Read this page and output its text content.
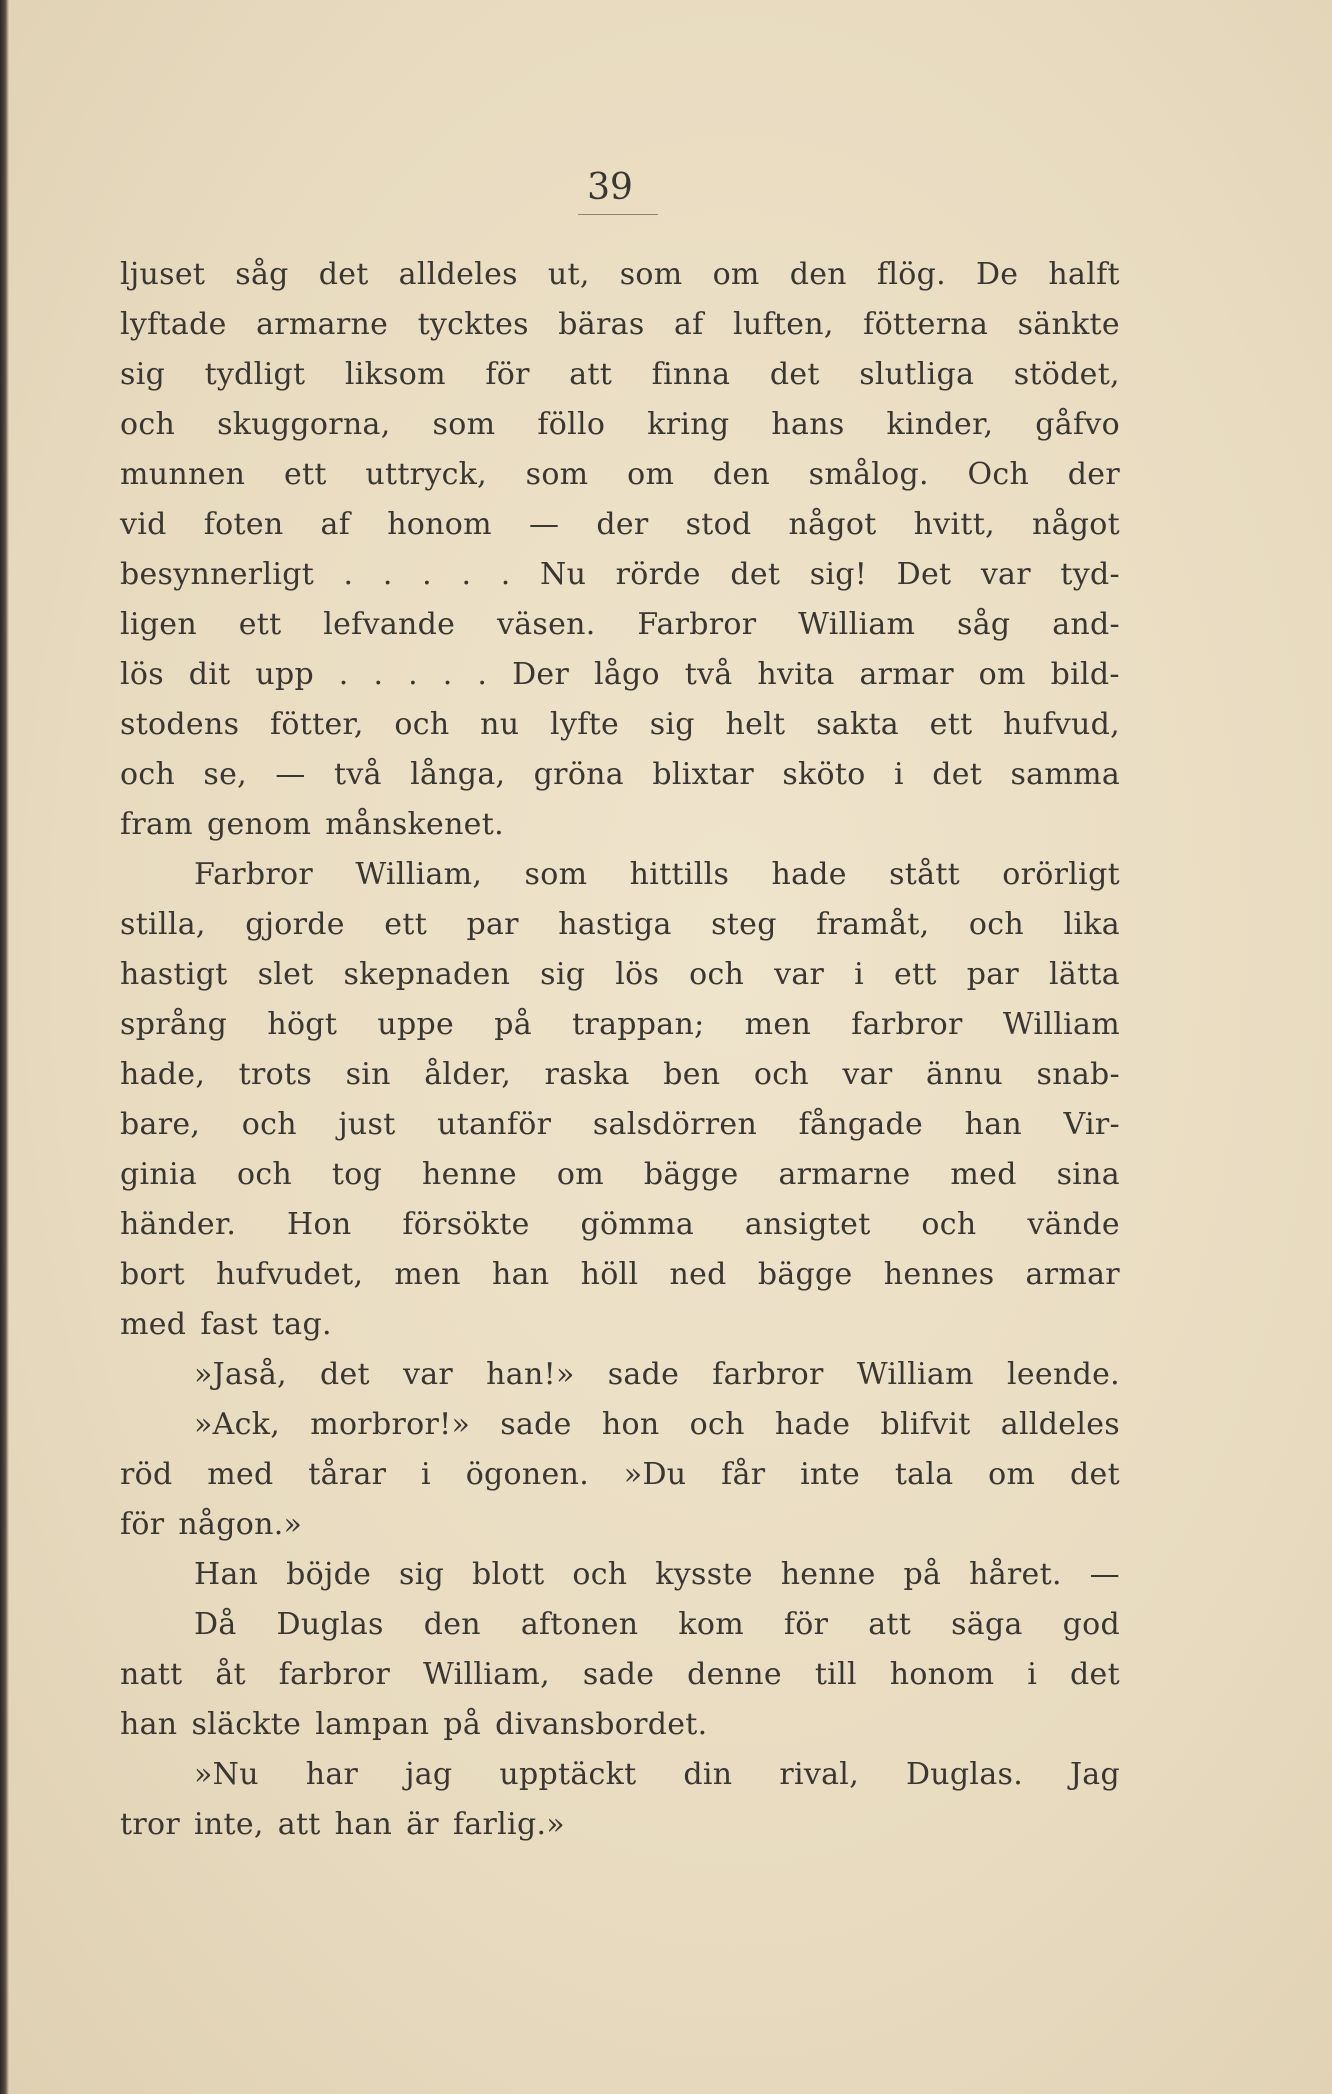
39
ljuset såg det alldeles ut, som om den flög. De halft
lyftade armarne tycktes bäras af luften, fötterna sänkte
sig tydligt liksom för att finna det slutliga stödet,
och skuggorna, som föllo kring hans kinder, gåfvo
munnen ett uttryck, som om den smålog. Och der
vid foten af honom — der stod något hvitt, något
besynnerligt . . . . . Nu rörde det sig! Det var tyd-
ligen ett lefvande väsen. Farbror William såg and-
lös dit upp . . . . . Der lågo två hvita armar om bild-
stodens fötter, och nu lyfte sig helt sakta ett hufvud,
och se, — två långa, gröna blixtar sköto i det samma
fram genom månskenet.
Farbror William, som hittills hade stått orörligt
stilla, gjorde ett par hastiga steg framåt, och lika
hastigt slet skepnaden sig lös och var i ett par lätta
språng högt uppe på trappan; men farbror William
hade, trots sin ålder, raska ben och var ännu snab-
bare, och just utanför salsdörren fångade han Vir-
ginia och tog henne om bägge armarne med sina
händer. Hon försökte gömma ansigtet och vände
bort hufvudet, men han höll ned bägge hennes armar
med fast tag.
»Jaså, det var han!» sade farbror William leende.
»Ack, morbror!» sade hon och hade blifvit alldeles
röd med tårar i ögonen. »Du får inte tala om det
för någon.»
Han böjde sig blott och kysste henne på håret. —
Då Duglas den aftonen kom för att säga god
natt åt farbror William, sade denne till honom i det
han släckte lampan på divansbordet.
»Nu har jag upptäckt din rival, Duglas. Jag
tror inte, att han är farlig.»
